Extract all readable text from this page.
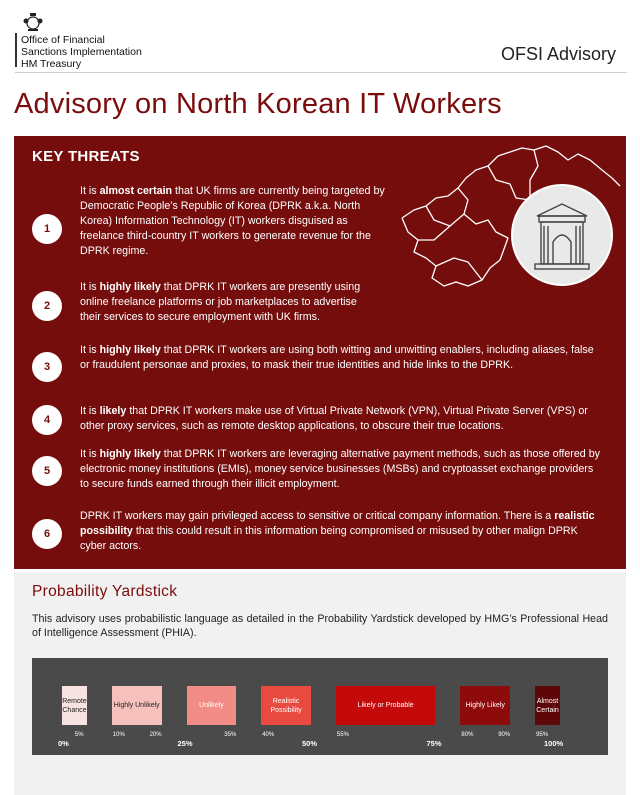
Office of Financial
Sanctions Implementation
HM Treasury	OFSI Advisory
Advisory on North Korean IT Workers
KEY THREATS
1
It is almost certain that UK firms are currently being targeted by Democratic People’s Republic of Korea (DPRK a.k.a. North Korea) Information Technology (IT) workers disguised as freelance third-country IT workers to generate revenue for the DPRK regime.
2
It is highly likely that DPRK IT workers are presently using online freelance platforms or job marketplaces to advertise their services to secure employment with UK firms.
3
It is highly likely that DPRK IT workers are using both witting and unwitting enablers, including aliases, false or fraudulent personae and proxies, to mask their true identities and hide links to the DPRK.
4
It is likely that DPRK IT workers make use of Virtual Private Network (VPN), Virtual Private Server (VPS) or other proxy services, such as remote desktop applications, to obscure their true locations.
5
It is highly likely that DPRK IT workers are leveraging alternative payment methods, such as those offered by electronic money institutions (EMIs), money service businesses (MSBs) and cryptoasset exchange providers to secure funds earned through their illicit employment.
6
DPRK IT workers may gain privileged access to sensitive or critical company information. There is a realistic possibility that this could result in this information being compromised or misused by other malign DPRK cyber actors.
Probability Yardstick
This advisory uses probabilistic language as detailed in the Probability Yardstick developed by HMG’s Professional Head of Intelligence Assessment (PHIA).
Remote Chance
Highly Unlikely	Unlikely
Realistic Possibility
Likely or Probable	Highly Likely
Almost Certain
5%	10%	20%	35%	40%	55%	80%	90%	95%
0%	25%	50%	75%	100%
